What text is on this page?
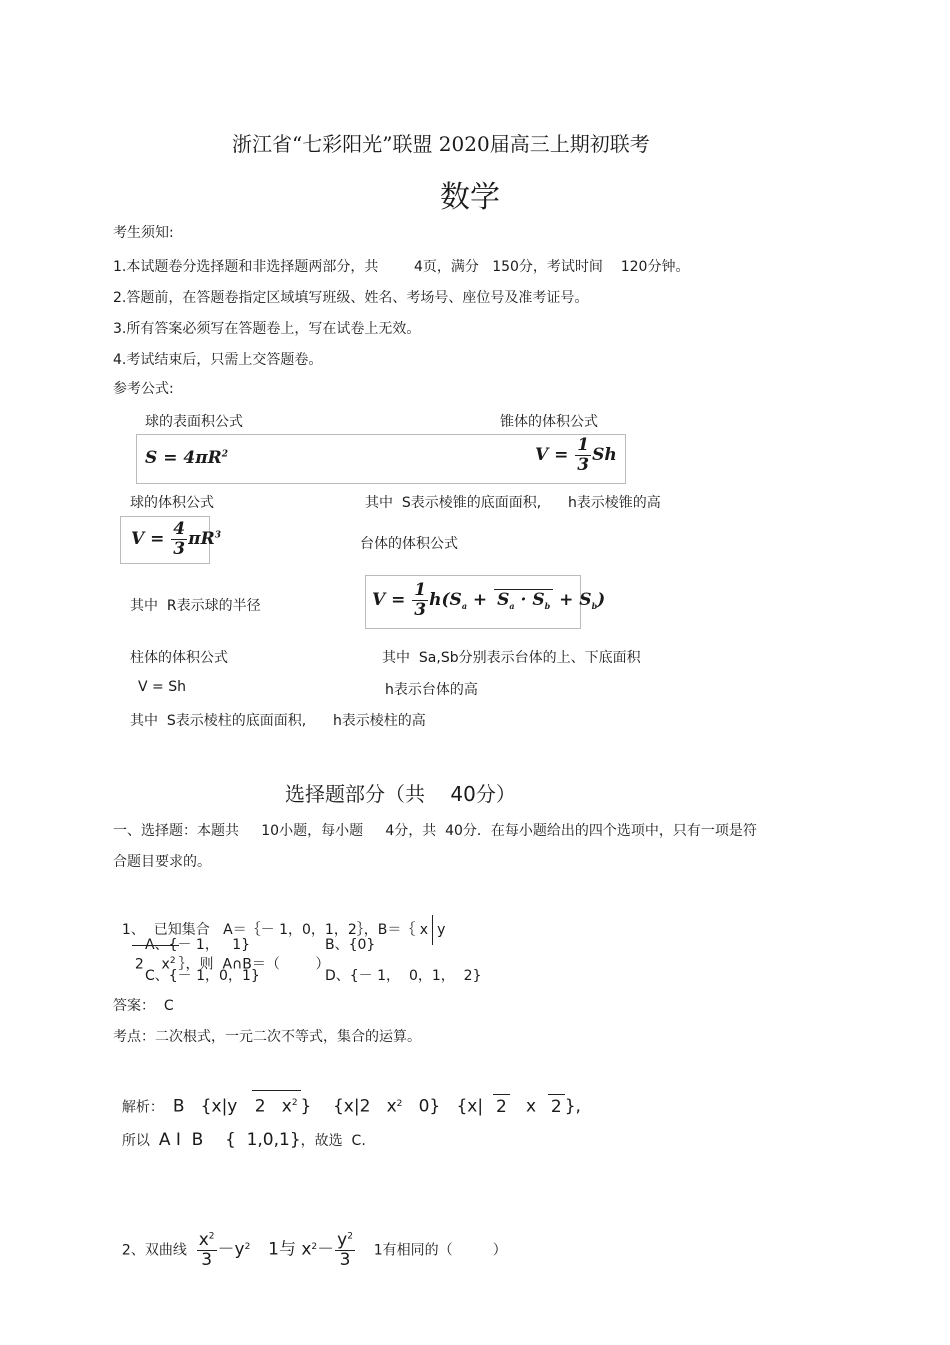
浙江省“七彩阳光”联盟 2020届高三上期初联考
数学
考生须知:
1.本试题卷分选择题和非选择题两部分，共        4页，满分   150分，考试时间    120分钟。
2.答题前，在答题卷指定区域填写班级、姓名、考场号、座位号及准考证号。
3.所有答案必须写在答题卷上，写在试卷上无效。
4.考试结束后，只需上交答题卷。
参考公式:
球的表面积公式	锥体的体积公式
$S = 4\pi R^2$	$V = \frac{1}{3}$ Sh
球的体积公式	其中  S表示棱锥的底面面积,      h表示棱锥的高
$V = \frac{4}{3} \pi R^3$
台体的体积公式
其中  R表示球的半径	$V = \frac{1}{3} h(S_a + S_a \cdot S_b + S_b)$
柱体的体积公式	其中  Sa,Sb分别表示台体的上、下底面积
V = Sh	h表示台体的高
其中  S表示棱柱的底面面积,      h表示棱柱的高
选择题部分（共    40分）
一、选择题：本题共     10小题，每小题     4分，共  40分．在每小题给出的四个选项中，只有一项是符
合题目要求的。

1、  已知集合   A＝｛－ 1，0，1，2｝，B＝｛ x y
2    $x^2$ ｝，则  A∩B＝（        ）

A、{－ 1，   1}	B、{0}
C、{－ 1，0，1}	D、{－ 1，  0，1，  2}
答案：  C
考点：二次根式，一元二次不等式，集合的运算。

解析： B   {x|y 2   $x^2$ }    {x|2   $x^2$   0}   {x| 2   x  2 },

所以 A I  B    {  1,0,1}，故选  C.

2、双曲线 $\frac{x^2}{3} -y^2$ 1与 $x^2- \frac{y^2}{3} 1$有相同的（         ）
